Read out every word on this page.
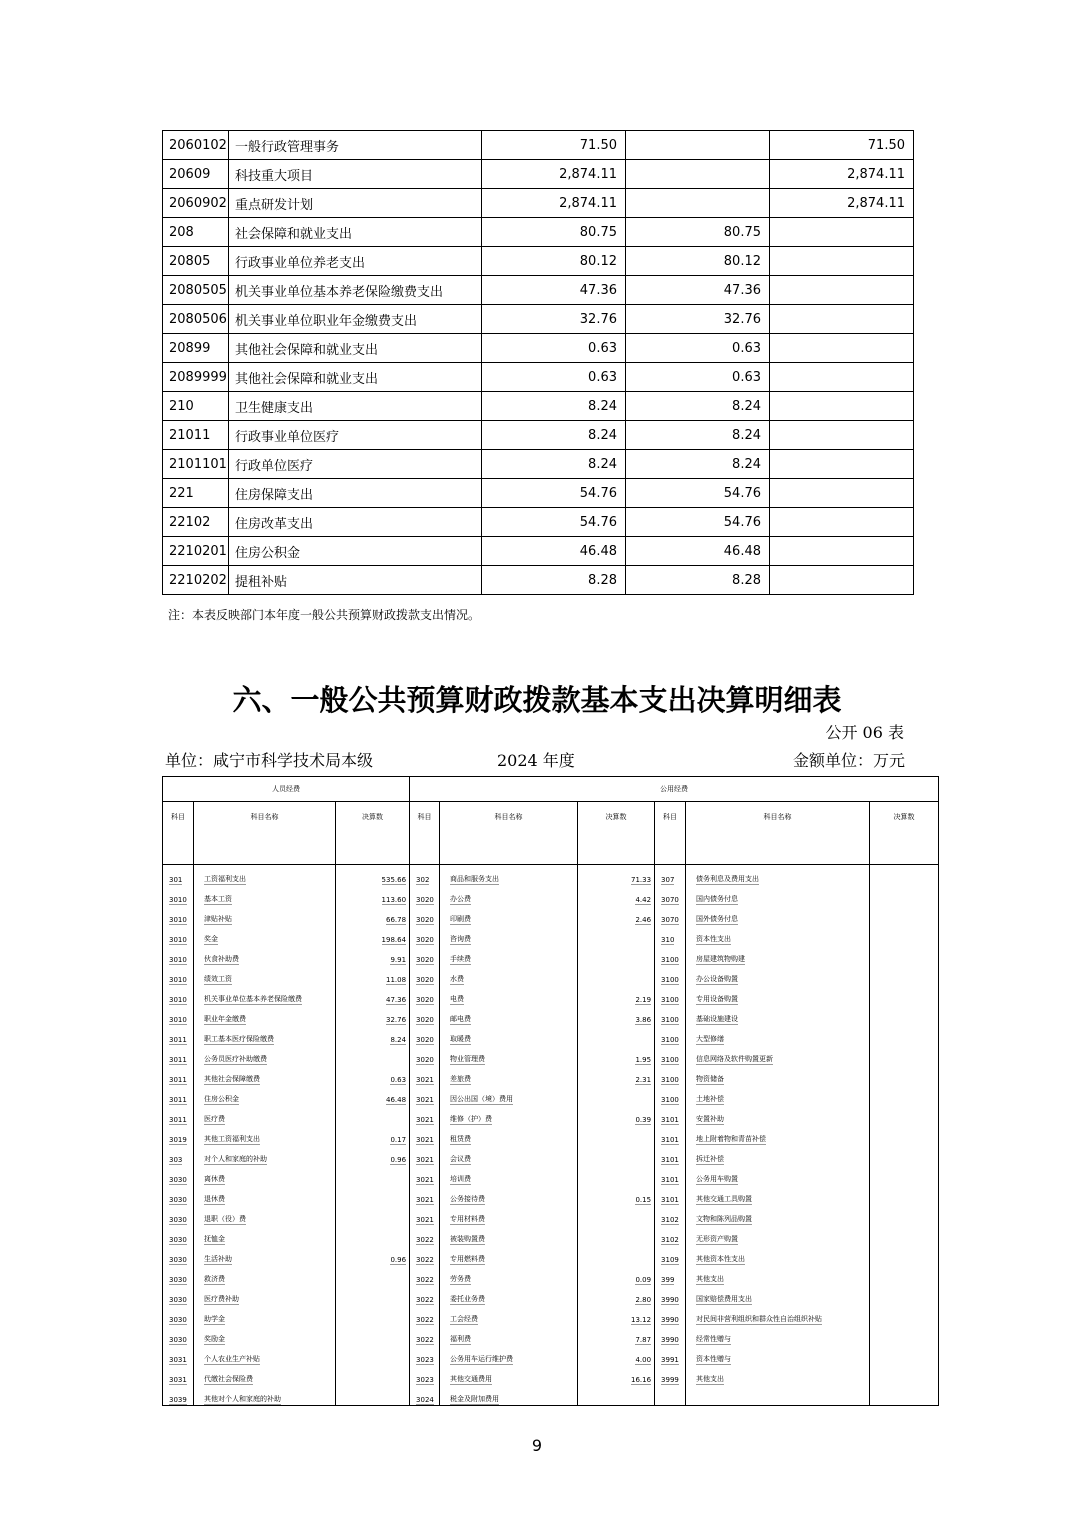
2060102	一般行政管理事务	71.50		71.50
20609	科技重大项目	2,874.11		2,874.11
2060902	重点研发计划	2,874.11		2,874.11
208	社会保障和就业支出	80.75	80.75	
20805	行政事业单位养老支出	80.12	80.12	
2080505	机关事业单位基本养老保险缴费支出	47.36	47.36	
2080506	机关事业单位职业年金缴费支出	32.76	32.76	
20899	其他社会保障和就业支出	0.63	0.63	
2089999	其他社会保障和就业支出	0.63	0.63	
210	卫生健康支出	8.24	8.24	
21011	行政事业单位医疗	8.24	8.24	
2101101	行政单位医疗	8.24	8.24	
221	住房保障支出	54.76	54.76	
22102	住房改革支出	54.76	54.76	
2210201	住房公积金	46.48	46.48	
2210202	提租补贴	8.28	8.28	
注：本表反映部门本年度一般公共预算财政拨款支出情况。
六、一般公共预算财政拨款基本支出决算明细表
公开 06 表
单位：咸宁市科学技术局本级	2024 年度	金额单位：万元
人员经费			公用经费					
科目	科目名称	决算数	科目	科目名称	决算数	科目	科目名称	决算数
301	工资福利支出	535.66	302	商品和服务支出	71.33	307	债务利息及费用支出	
3010	基本工资	113.60	3020	办公费	4.42	3070	国内债务付息	
3010	津贴补贴	66.78	3020	印刷费	2.46	3070	国外债务付息	
3010	奖金	198.64	3020	咨询费		310	资本性支出	
3010	伙食补助费	9.91	3020	手续费		3100	房屋建筑物购建	
3010	绩效工资	11.08	3020	水费		3100	办公设备购置	
3010	机关事业单位基本养老保险缴费	47.36	3020	电费	2.19	3100	专用设备购置	
3010	职业年金缴费	32.76	3020	邮电费	3.86	3100	基础设施建设	
3011	职工基本医疗保险缴费	8.24	3020	取暖费		3100	大型修缮	
3011	公务员医疗补助缴费		3020	物业管理费	1.95	3100	信息网络及软件购置更新	
3011	其他社会保障缴费	0.63	3021	差旅费	2.31	3100	物资储备	
3011	住房公积金	46.48	3021	因公出国（境）费用		3100	土地补偿	
3011	医疗费		3021	维修（护）费	0.39	3101	安置补助	
3019	其他工资福利支出	0.17	3021	租赁费		3101	地上附着物和青苗补偿	
303	对个人和家庭的补助	0.96	3021	会议费		3101	拆迁补偿	
3030	离休费		3021	培训费		3101	公务用车购置	
3030	退休费		3021	公务接待费	0.15	3101	其他交通工具购置	
3030	退职（役）费		3021	专用材料费		3102	文物和陈列品购置	
3030	抚恤金		3022	被装购置费		3102	无形资产购置	
3030	生活补助	0.96	3022	专用燃料费		3109	其他资本性支出	
3030	救济费		3022	劳务费	0.09	399	其他支出	
3030	医疗费补助		3022	委托业务费	2.80	3990	国家赔偿费用支出	
3030	助学金		3022	工会经费	13.12	3990	对民间非营利组织和群众性自治组织补贴	
3030	奖励金		3022	福利费	7.87	3990	经常性赠与	
3031	个人农业生产补贴		3023	公务用车运行维护费	4.00	3991	资本性赠与	
3031	代缴社会保险费		3023	其他交通费用	16.16	3999	其他支出	
3039	其他对个人和家庭的补助		3024	税金及附加费用				
9
